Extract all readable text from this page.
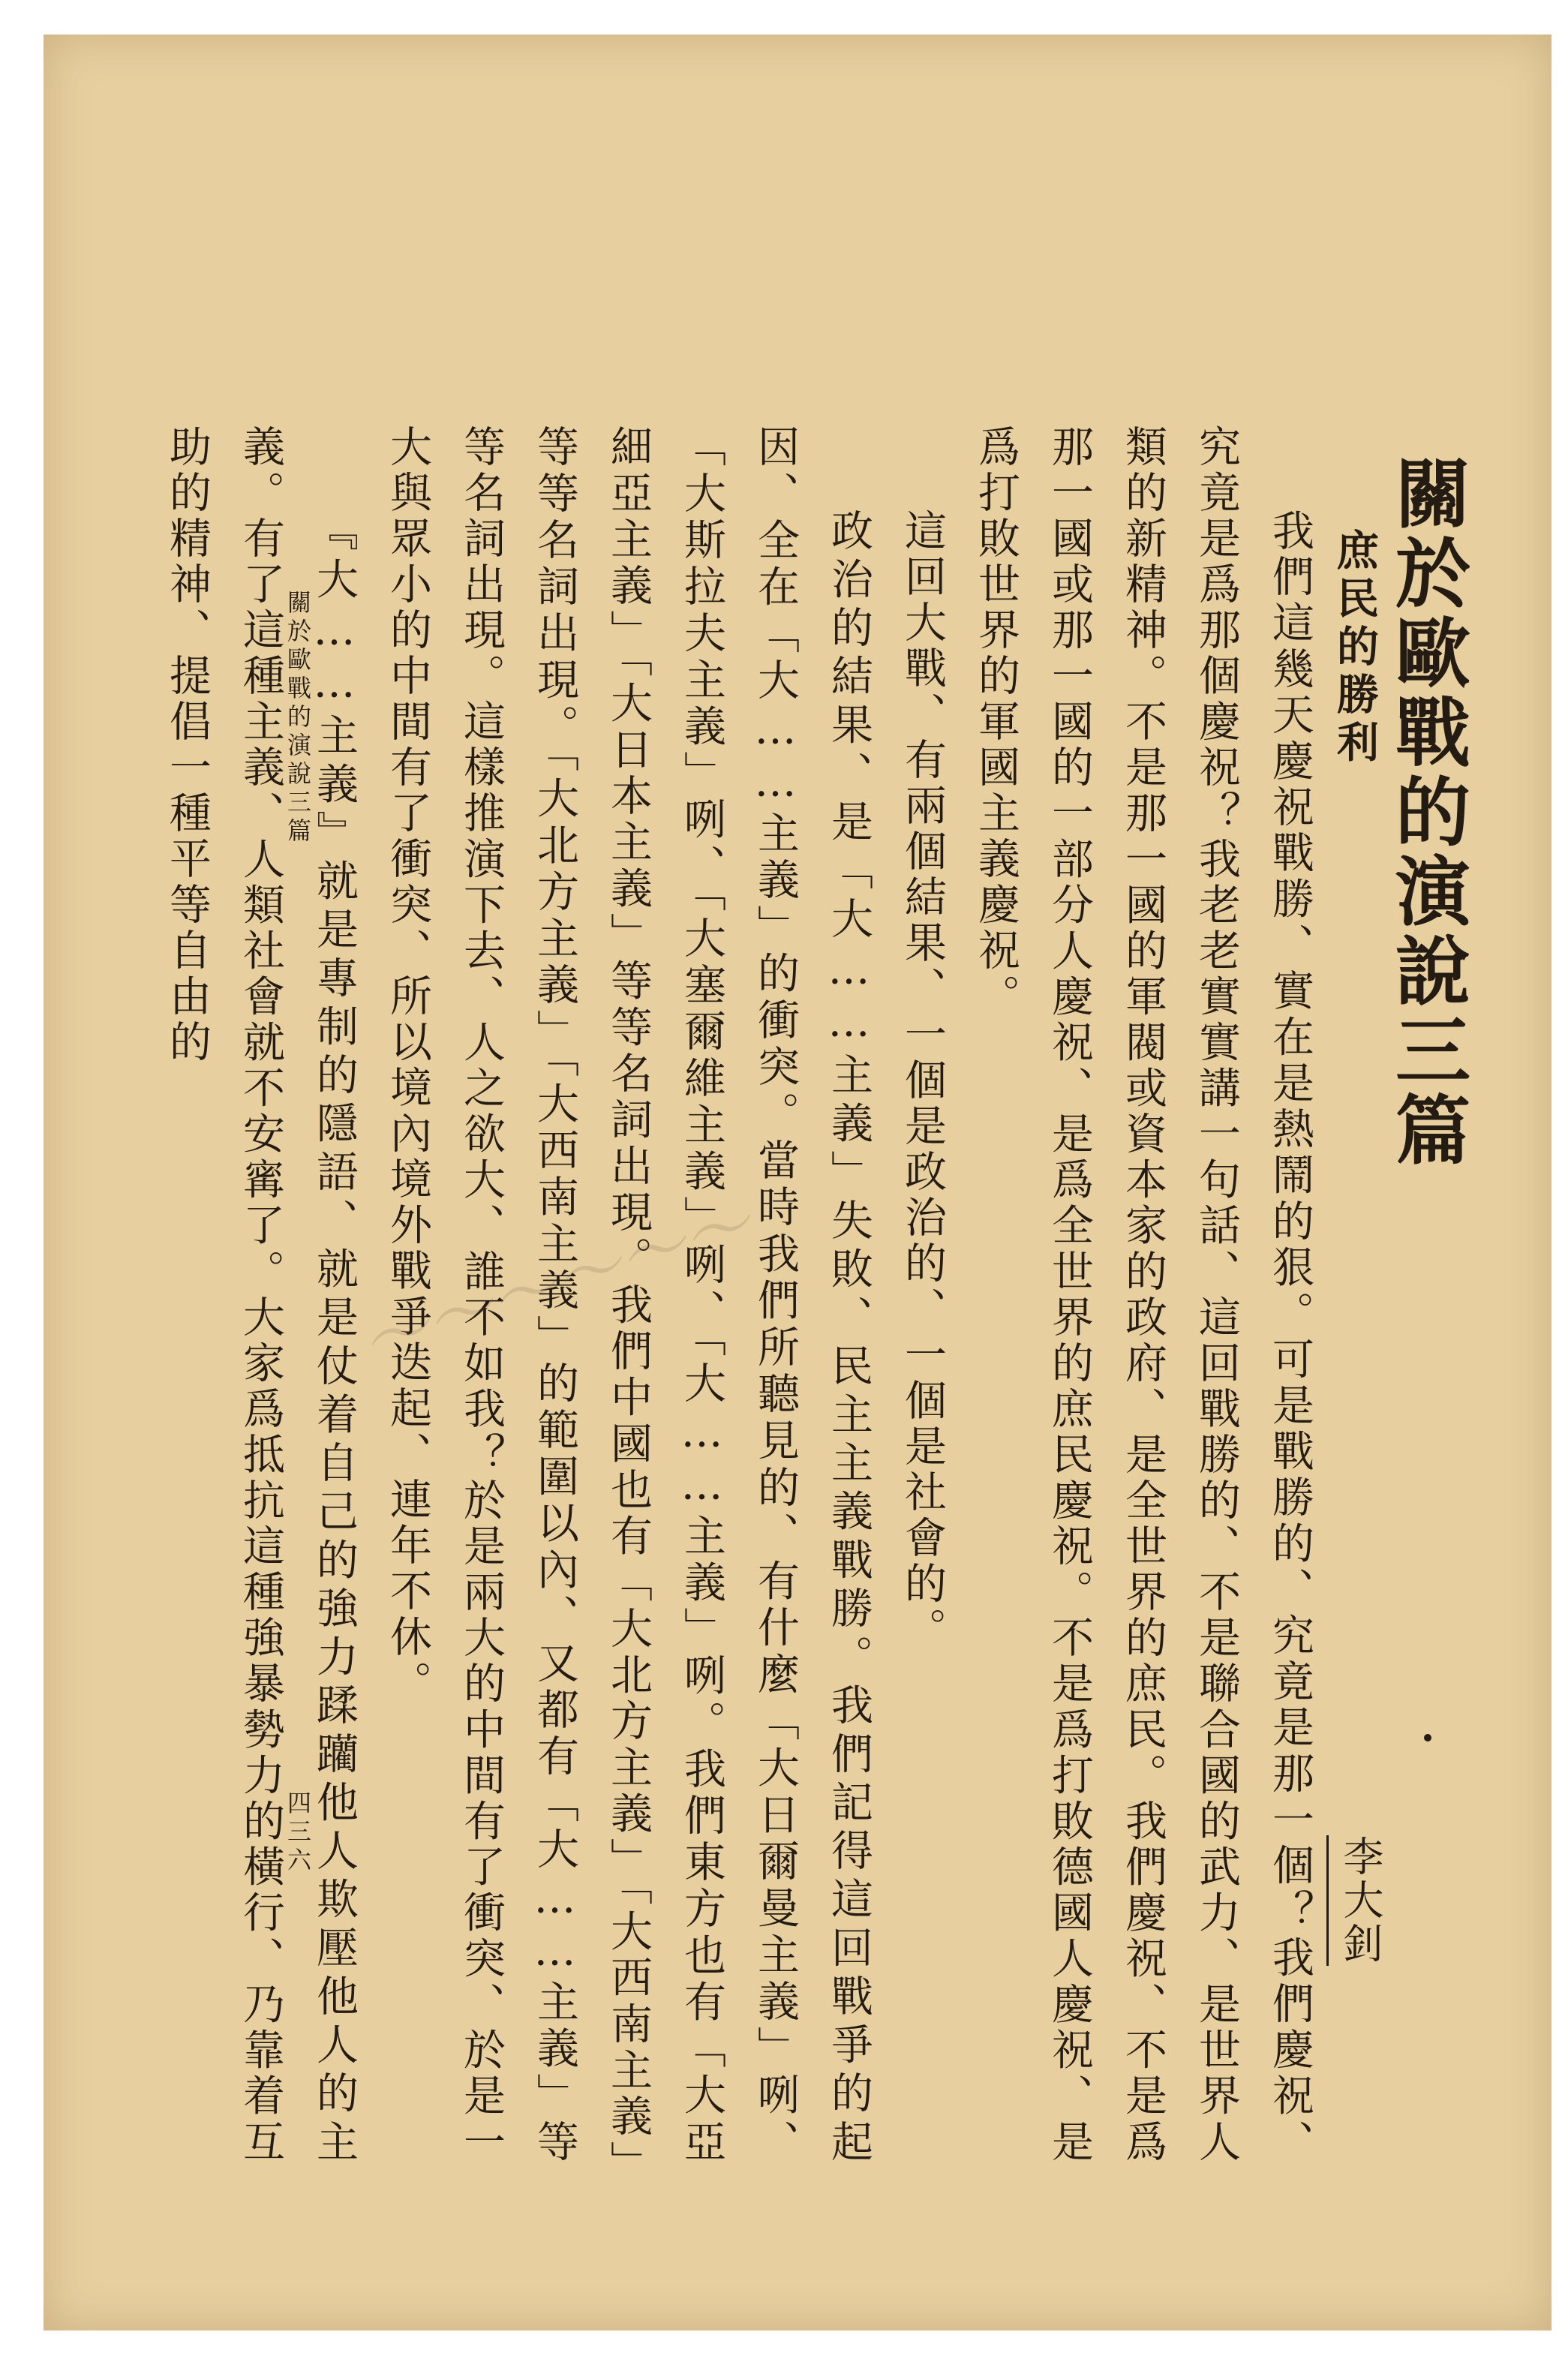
關於歐戰的演說三篇
李大釗
庶民的勝利

我們這幾天慶祝戰勝、實在是熱鬧的狠。可是戰勝的、究竟是那一個？我們慶祝、究竟是爲那個慶祝？我老老實實講一句話、這回戰勝的、不是聯合國的武力、是世界人類的新精神。不是那一國的軍閥或資本家的政府、是全世界的庶民。我們慶祝、不是爲那一國或那一國的一部分人慶祝、是爲全世界的庶民慶祝。不是爲打敗德國人慶祝、是爲打敗世界的軍國主義慶祝。

這回大戰、有兩個結果、一個是政治的、一個是社會的。

政治的結果、是「大……主義」失敗、民主主義戰勝。我們記得這回戰爭的起因、全在「大……主義」的衝突。當時我們所聽見的、有什麼「大日爾曼主義」咧、「大斯拉夫主義」咧、「大塞爾維主義」咧、「大……主義」咧。我們東方也有「大亞細亞主義」「大日本主義」等等名詞出現。我們中國也有「大北方主義」「大西南主義」等等名詞出現。「大北方主義」「大西南主義」的範圍以內、又都有「大……主義」等等名詞出現。這樣推演下去、人之欲大、誰不如我？於是兩大的中間有了衝突、於是一大與眾小的中間有了衝突、所以境內境外戰爭迭起、連年不休。

『大……主義』就是專制的隱語、就是仗着自己的強力蹂躪他人欺壓他人的主義。有了這種主義、人類社會就不安寗了。大家爲抵抗這種強暴勢力的橫行、乃靠着互助的精神、提倡一種平等自由的

〜〜〜〜〜〜
關於歐戰的演說三篇
四三六
